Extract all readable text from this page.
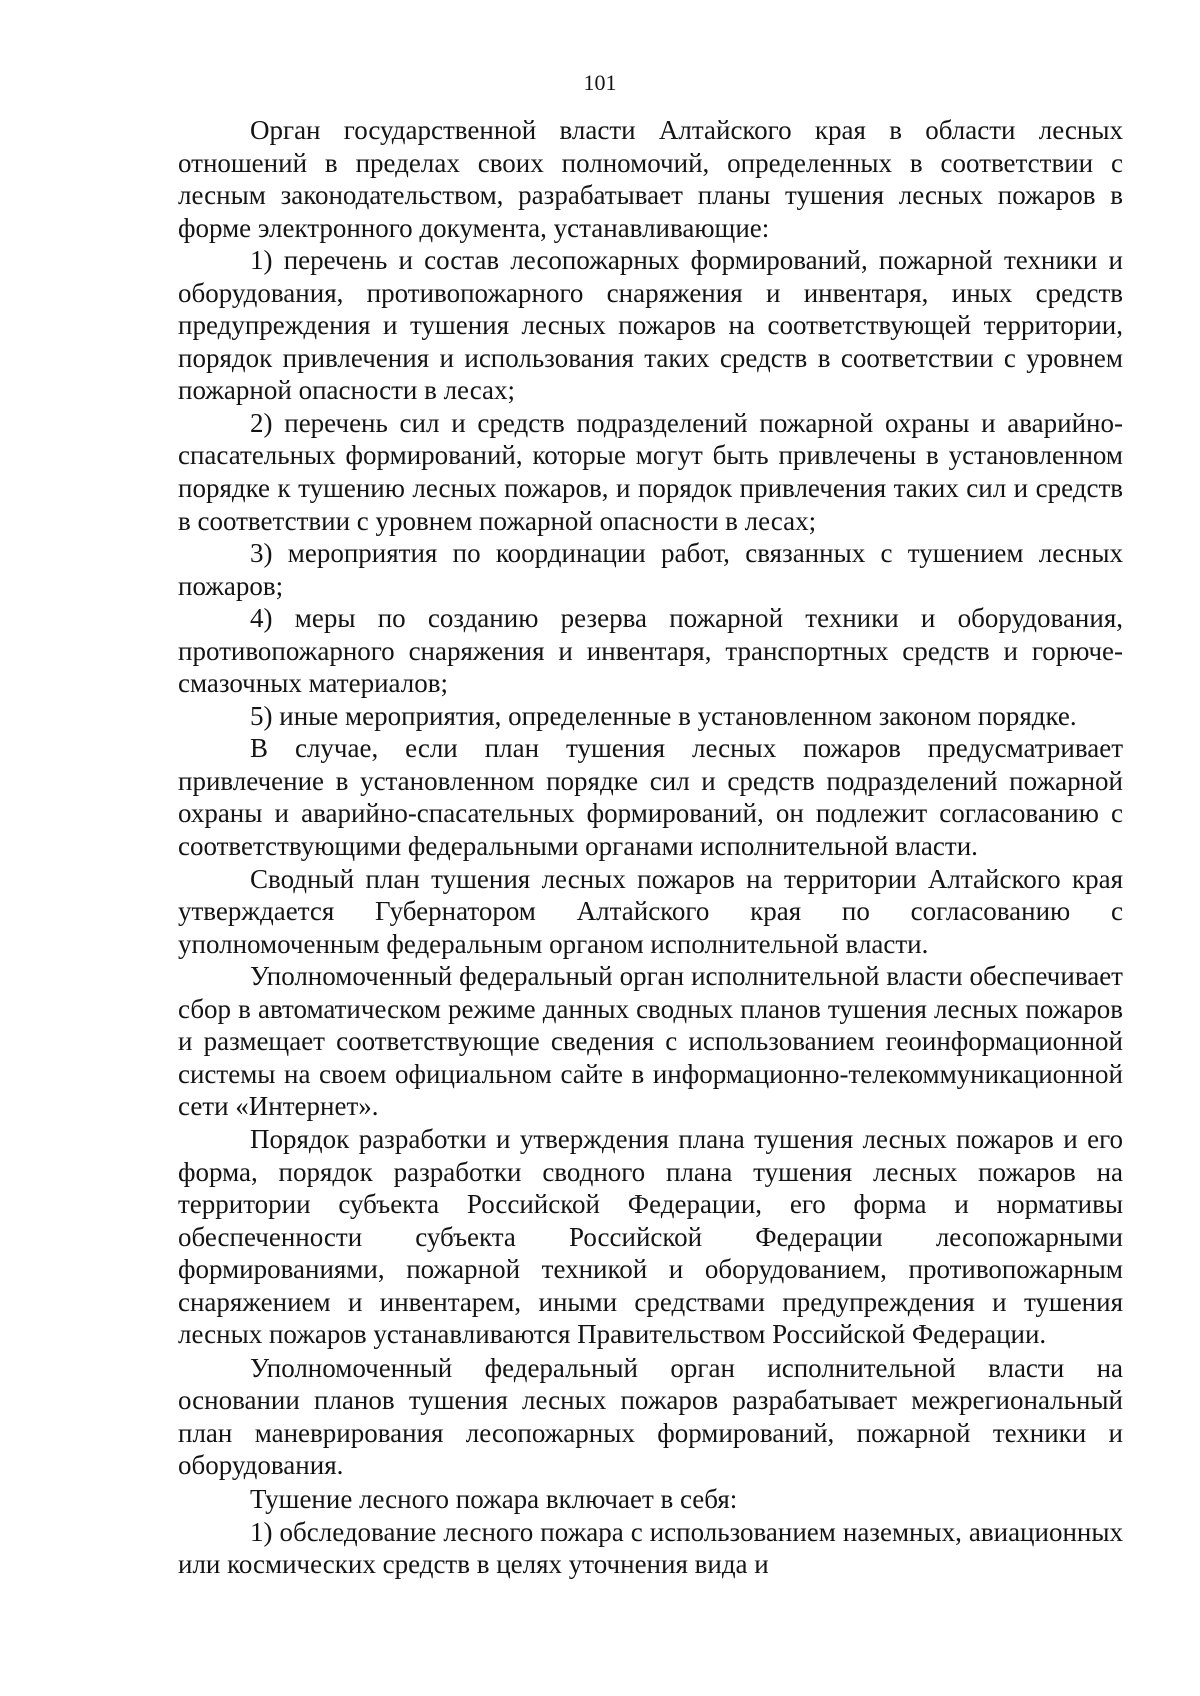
101

Орган государственной власти Алтайского края в области лесных отношений в пределах своих полномочий, определенных в соответствии с лесным законодательством, разрабатывает планы тушения лесных пожаров в форме электронного документа, устанавливающие:

1) перечень и состав лесопожарных формирований, пожарной техники и оборудования, противопожарного снаряжения и инвентаря, иных средств предупреждения и тушения лесных пожаров на соответствующей территории, порядок привлечения и использования таких средств в соответствии с уровнем пожарной опасности в лесах;

2) перечень сил и средств подразделений пожарной охраны и аварийно-спасательных формирований, которые могут быть привлечены в установленном порядке к тушению лесных пожаров, и порядок привлечения таких сил и средств в соответствии с уровнем пожарной опасности в лесах;

3) мероприятия по координации работ, связанных с тушением лесных пожаров;

4) меры по созданию резерва пожарной техники и оборудования, противопожарного снаряжения и инвентаря, транспортных средств и горюче-смазочных материалов;

5) иные мероприятия, определенные в установленном законом порядке.

В случае, если план тушения лесных пожаров предусматривает привлечение в установленном порядке сил и средств подразделений пожарной охраны и аварийно-спасательных формирований, он подлежит согласованию с соответствующими федеральными органами исполнительной власти.

Сводный план тушения лесных пожаров на территории Алтайского края утверждается Губернатором Алтайского края по согласованию с уполномоченным федеральным органом исполнительной власти.

Уполномоченный федеральный орган исполнительной власти обеспечивает сбор в автоматическом режиме данных сводных планов тушения лесных пожаров и размещает соответствующие сведения с использованием геоинформационной системы на своем официальном сайте в информационно-телекоммуникационной сети «Интернет».

Порядок разработки и утверждения плана тушения лесных пожаров и его форма, порядок разработки сводного плана тушения лесных пожаров на территории субъекта Российской Федерации, его форма и нормативы обеспеченности субъекта Российской Федерации лесопожарными формированиями, пожарной техникой и оборудованием, противопожарным снаряжением и инвентарем, иными средствами предупреждения и тушения лесных пожаров устанавливаются Правительством Российской Федерации.

Уполномоченный федеральный орган исполнительной власти на основании планов тушения лесных пожаров разрабатывает межрегиональный план маневрирования лесопожарных формирований, пожарной техники и оборудования.

Тушение лесного пожара включает в себя:

1) обследование лесного пожара с использованием наземных, авиационных или космических средств в целях уточнения вида и
